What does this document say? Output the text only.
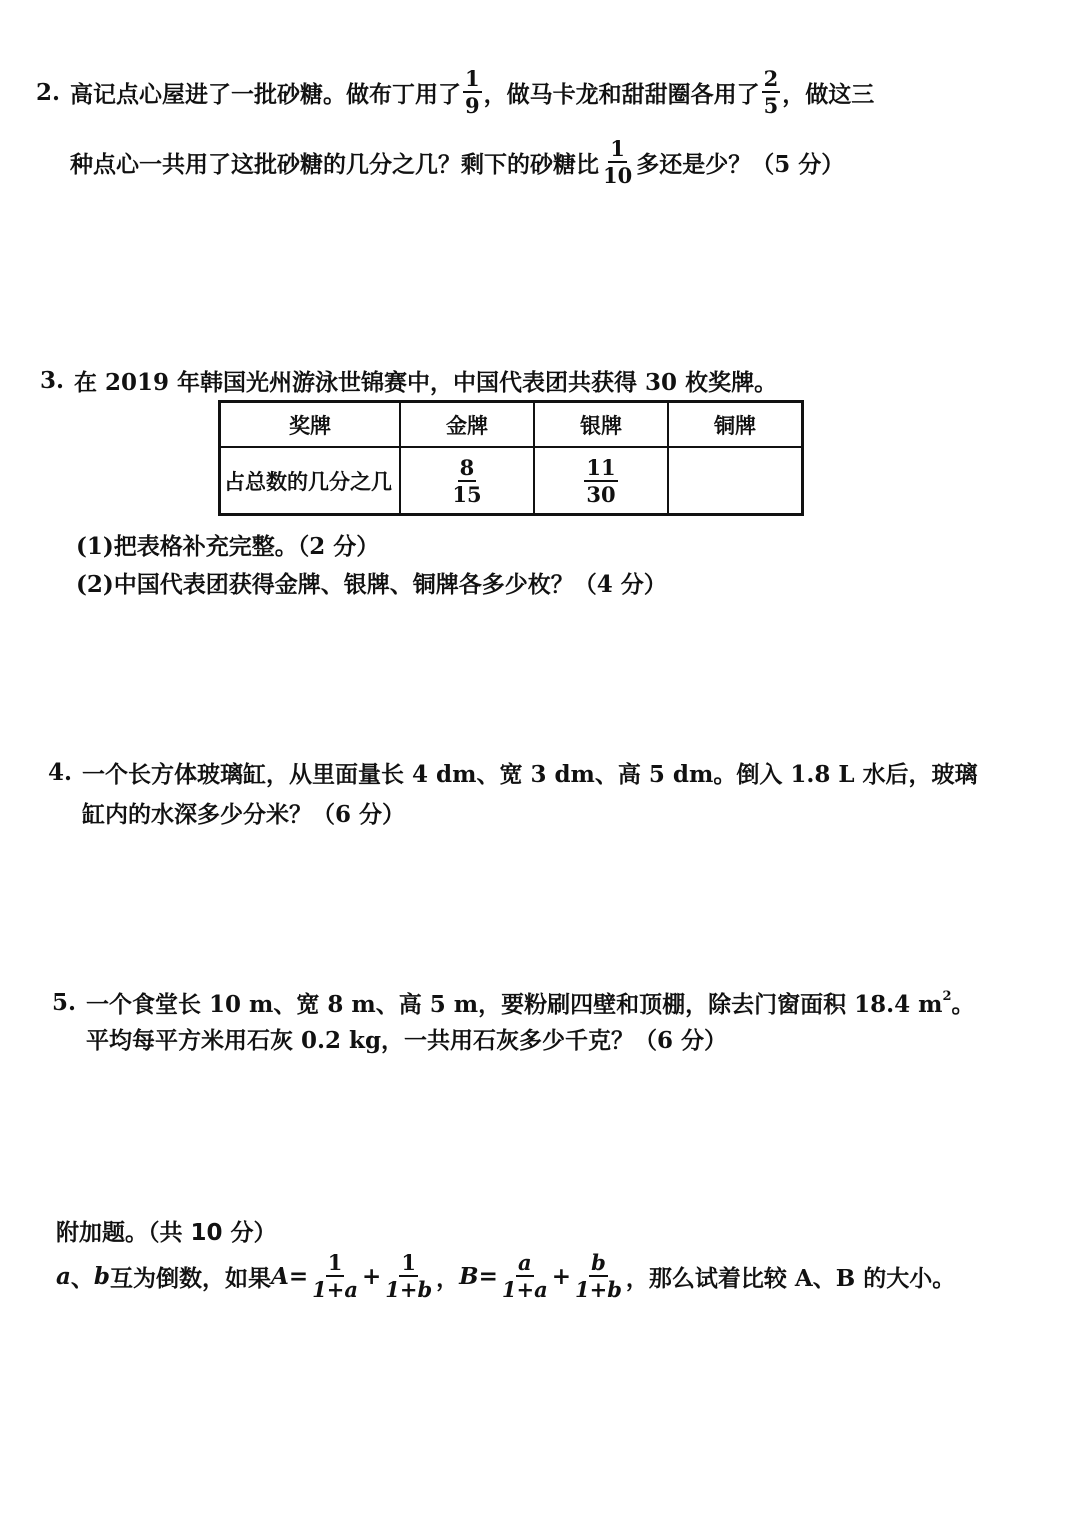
2. 高记点心屋进了一批砂糖。做布丁用了 $\frac{1}{9}$ ，做马卡龙和甜甜圈各用了 $\frac{2}{5}$ ，做这三
种点心一共用了这批砂糖的几分之几？剩下的砂糖比 $\frac{1}{10}$ 多还是少？（5 分）
3. 在 2019 年韩国光州游泳世锦赛中，中国代表团共获得 30 枚奖牌。
奖牌	金牌	银牌	铜牌
占总数的几分之几	$\frac{8}{15}$	$\frac{11}{30}$
(1)把表格补充完整。（2 分）
(2)中国代表团获得金牌、银牌、铜牌各多少枚？（4 分）
4. 一个长方体玻璃缸，从里面量长 4 dm、宽 3 dm、高 5 dm。倒入 1.8 L 水后，玻璃
缸内的水深多少分米？（6 分）
5. 一个食堂长 10 m、宽 8 m、高 5 m，要粉刷四壁和顶棚，除去门窗面积 18.4 m 2 。
平均每平方米用石灰 0.2 kg，一共用石灰多少千克？（6 分）
附加题。（共 10 分）
a 、 b 互为倒数，如果 $A = \frac{1}{1+a} + \frac{1}{1+b}$ ， $B = \frac{a}{1+a} + \frac{b}{1+b}$ ，那么试着比较 A、B 的大小。
